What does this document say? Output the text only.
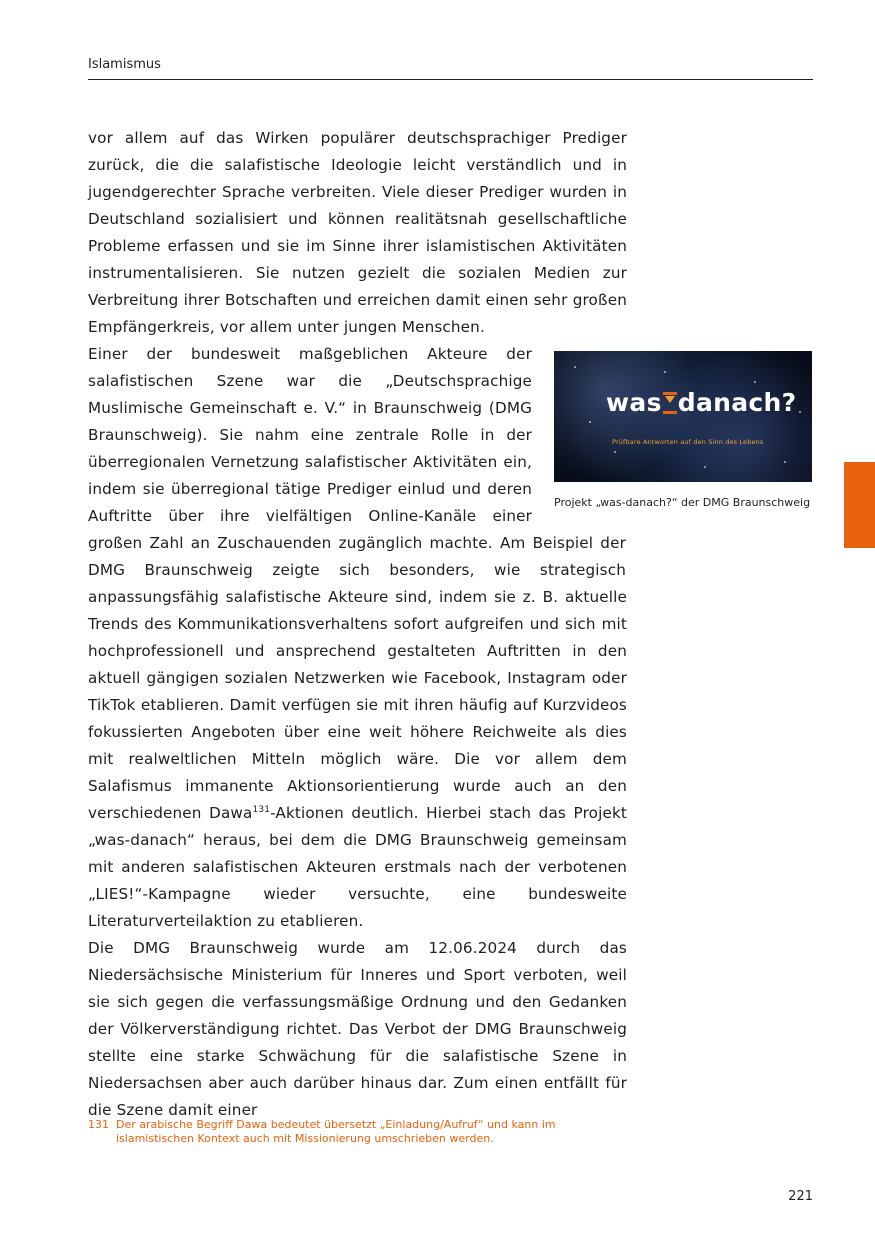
Islamismus

vor allem auf das Wirken populärer deutschsprachiger Prediger zurück, die die salafistische Ideologie leicht verständlich und in jugendgerechter Sprache verbreiten. Viele dieser Prediger wurden in Deutschland sozialisiert und können realitätsnah gesellschaftliche Probleme erfassen und sie im Sinne ihrer islamistischen Aktivitäten instrumentalisieren. Sie nutzen gezielt die sozialen Medien zur Verbreitung ihrer Botschaften und erreichen damit einen sehr großen Empfängerkreis, vor allem unter jungen Menschen.

was danach?
Prüfbare Antworten auf den Sinn des Lebens
Projekt „was-danach?“ der DMG Braunschweig
Einer der bundesweit maßgeblichen Akteure der salafistischen Szene war die „Deutschsprachige Muslimische Gemeinschaft e. V.“ in Braunschweig (DMG Braunschweig). Sie nahm eine zentrale Rolle in der überregionalen Vernetzung salafistischer Aktivitäten ein, indem sie überregional tätige Prediger einlud und deren Auftritte über ihre vielfältigen Online-Kanäle einer großen Zahl an Zuschauenden zugänglich machte. Am Beispiel der DMG Braunschweig zeigte sich besonders, wie strategisch anpassungsfähig salafistische Akteure sind, indem sie z. B. aktuelle Trends des Kommunikationsverhaltens sofort aufgreifen und sich mit hochprofessionell und ansprechend gestalteten Auftritten in den aktuell gängigen sozialen Netzwerken wie Facebook, Instagram oder TikTok etablieren. Damit verfügen sie mit ihren häufig auf Kurzvideos fokussierten Angeboten über eine weit höhere Reichweite als dies mit realweltlichen Mitteln möglich wäre. Die vor allem dem Salafismus immanente Aktionsorientierung wurde auch an den verschiedenen Dawa$^{131}$-Aktionen deutlich. Hierbei stach das Projekt „was-danach“ heraus, bei dem die DMG Braunschweig gemeinsam mit anderen salafistischen Akteuren erstmals nach der verbotenen „LIES!“-Kampagne wieder versuchte, eine bundesweite Literaturverteilaktion zu etablieren.

Die DMG Braunschweig wurde am 12.06.2024 durch das Niedersächsische Ministerium für Inneres und Sport verboten, weil sie sich gegen die verfassungsmäßige Ordnung und den Gedanken der Völkerverständigung richtet. Das Verbot der DMG Braunschweig stellte eine starke Schwächung für die salafistische Szene in Niedersachsen aber auch darüber hinaus dar. Zum einen entfällt für die Szene damit einer

131 Der arabische Begriff Dawa bedeutet übersetzt „Einladung/Aufruf“ und kann im islamistischen Kontext auch mit Missionierung umschrieben werden.
221
